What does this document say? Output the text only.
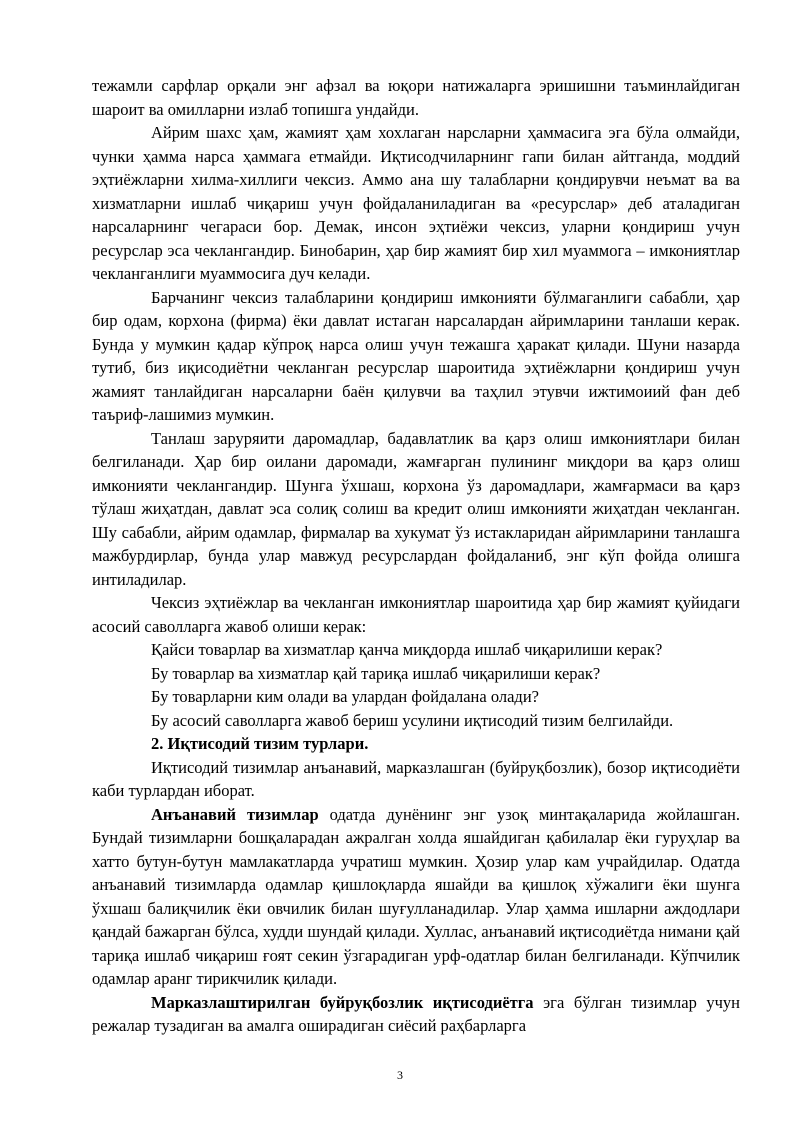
тежамли сарфлар орқали энг афзал ва юқори натижаларга эришишни таъминлайдиган шароит ва омилларни излаб топишга ундайди.

Айрим шахс ҳам, жамият ҳам хохлаган нарсларни ҳаммасига эга бўла олмайди, чунки ҳамма нарса ҳаммага етмайди. Иқтисодчиларнинг гапи билан айтганда, моддий эҳтиёжларни хилма-хиллиги чексиз. Аммо ана шу талабларни қондирувчи неъмат ва ва хизматларни ишлаб чиқариш учун фойдаланиладиган ва «ресурслар» деб аталадиган нарсаларнинг чегараси бор. Демак, инсон эҳтиёжи чексиз, уларни қондириш учун ресурслар эса чеклангандир. Бинобарин, ҳар бир жамият бир хил муаммога – имкониятлар чекланганлиги муаммосига дуч келади.

Барчанинг чексиз талабларини қондириш имконияти бўлмаганлиги сабабли, ҳар бир одам, корхона (фирма) ёки давлат истаган нарсалардан айримларини танлаши керак. Бунда у мумкин қадар кўпроқ нарса олиш учун тежашга ҳаракат қилади. Шуни назарда тутиб, биз иқисодиётни чекланган ресурслар шароитида эҳтиёжларни қондириш учун жамият танлайдиган нарсаларни баён қилувчи ва таҳлил этувчи ижтимоиий фан деб таъриф-лашимиз мумкин.

Танлаш заруряити даромадлар, бадавлатлик ва қарз олиш имкониятлари билан белгиланади. Ҳар бир оилани даромади, жамғарган пулининг миқдори ва қарз олиш имконияти чеклангандир. Шунга ўхшаш, корхона ўз даромадлари, жамғармаси ва қарз тўлаш жиҳатдан, давлат эса солиқ солиш ва кредит олиш имконияти жиҳатдан чекланган. Шу сабабли, айрим одамлар, фирмалар ва хукумат ўз истакларидан айримларини танлашга мажбурдирлар, бунда улар мавжуд ресурслардан фойдаланиб, энг кўп фойда олишга интиладилар.

Чексиз эҳтиёжлар ва чекланган имкониятлар шароитида ҳар бир жамият қуйидаги асосий саволларга жавоб олиши керак:

Қайси товарлар ва хизматлар қанча миқдорда ишлаб чиқарилиши керак?

Бу товарлар ва хизматлар қай тариқа ишлаб чиқарилиши керак?

Бу товарларни ким олади ва улардан фойдалана олади?

Бу асосий саволларга жавоб бериш усулини иқтисодий тизим белгилайди.

2. Иқтисодий тизим турлари.

Иқтисодий тизимлар анъанавий, марказлашган (буйруқбозлик), бозор иқтисодиёти каби турлардан иборат.

Анъанавий тизимлар одатда дунёнинг энг узоқ минтақаларида жойлашган. Бундай тизимларни бошқаларадан ажралган холда яшайдиган қабилалар ёки гуруҳлар ва хатто бутун-бутун мамлакатларда учратиш мумкин. Ҳозир улар кам учрайдилар. Одатда анъанавий тизимларда одамлар қишлоқларда яшайди ва қишлоқ хўжалиги ёки шунга ўхшаш балиқчилик ёки овчилик билан шуғулланадилар. Улар ҳамма ишларни аждодлари қандай бажарган бўлса, худди шундай қилади. Хуллас, анъанавий иқтисодиётда нимани қай тариқа ишлаб чиқариш ғоят секин ўзгарадиган урф-одатлар билан белгиланади. Кўпчилик одамлар аранг тирикчилик қилади.

Марказлаштирилган буйруқбозлик иқтисодиётга эга бўлган тизимлар учун режалар тузадиган ва амалга оширадиган сиёсий раҳбарларга

3
